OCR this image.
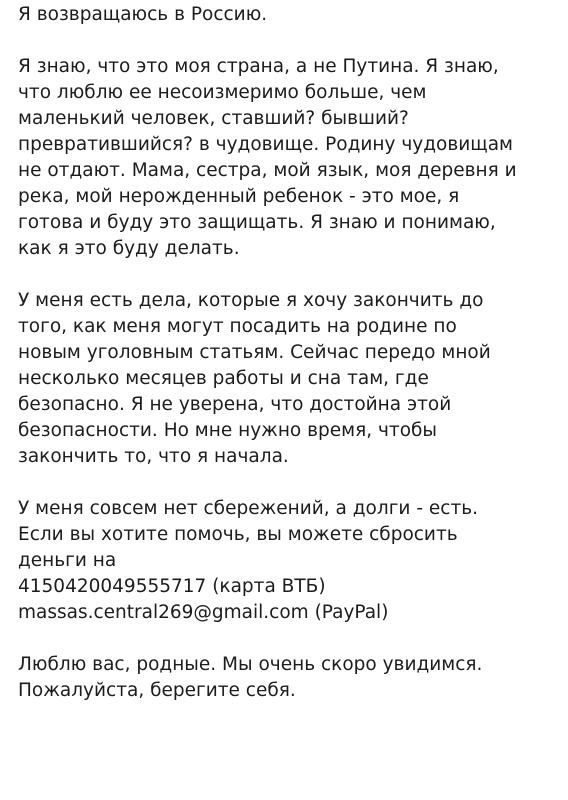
Я возвращаюсь в Россию.
Я знаю, что это моя страна, а не Путина. Я знаю,
что люблю ее несоизмеримо больше, чем
маленький человек, ставший? бывший?
превратившийся? в чудовище. Родину чудовищам
не отдают. Мама, сестра, мой язык, моя деревня и
река, мой нерожденный ребенок - это мое, я
готова и буду это защищать. Я знаю и понимаю,
как я это буду делать.
У меня есть дела, которые я хочу закончить до
того, как меня могут посадить на родине по
новым уголовным статьям. Сейчас передо мной
несколько месяцев работы и сна там, где
безопасно. Я не уверена, что достойна этой
безопасности. Но мне нужно время, чтобы
закончить то, что я начала.
У меня совсем нет сбережений, а долги - есть.
Если вы хотите помочь, вы можете сбросить
деньги на
4150420049555717 (карта ВТБ)
massas.central269@gmail.com (PayPal)
Люблю вас, родные. Мы очень скоро увидимся.
Пожалуйста, берегите себя.
